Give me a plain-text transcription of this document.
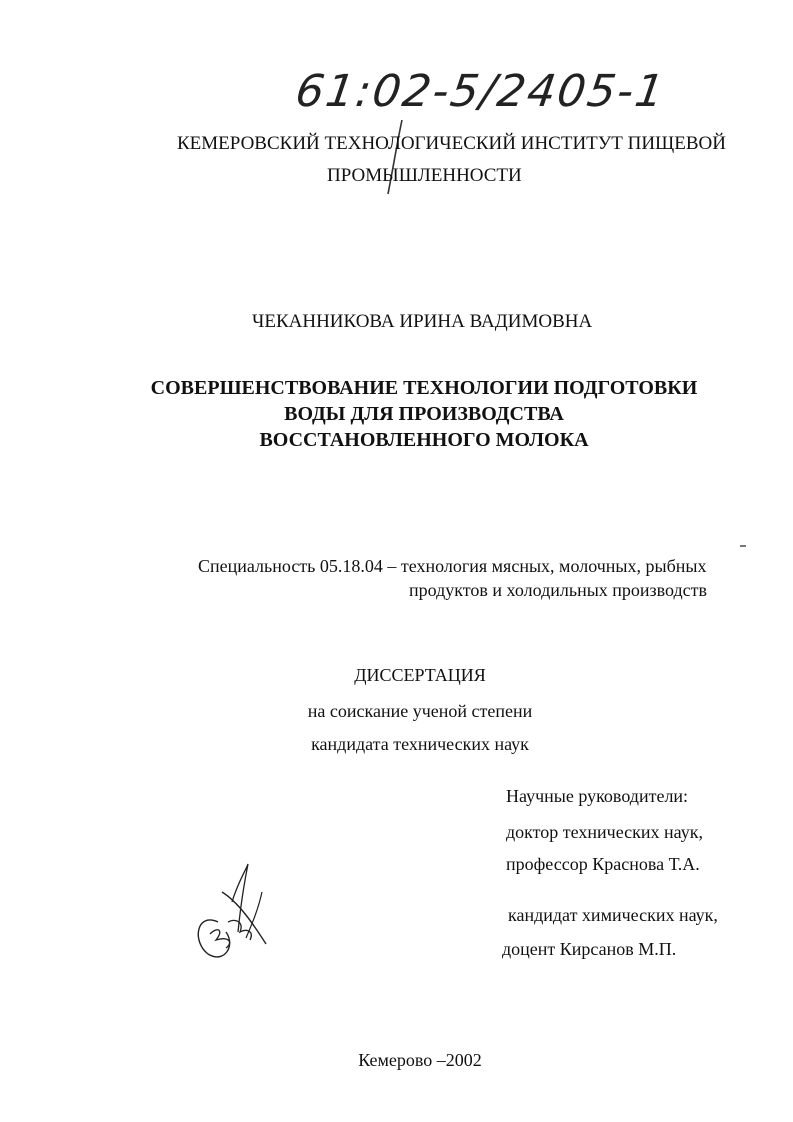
61:02-5/2405-1
КЕМЕРОВСКИЙ ТЕХНОЛОГИЧЕСКИЙ ИНСТИТУТ ПИЩЕВОЙ
ПРОМЫШЛЕННОСТИ
ЧЕКАННИКОВА ИРИНА ВАДИМОВНА
СОВЕРШЕНСТВОВАНИЕ ТЕХНОЛОГИИ ПОДГОТОВКИ
ВОДЫ ДЛЯ ПРОИЗВОДСТВА
ВОССТАНОВЛЕННОГО МОЛОКА
Специальность 05.18.04 – технология мясных, молочных, рыбных
продуктов и холодильных производств
ДИССЕРТАЦИЯ
на соискание ученой степени
кандидата технических наук
Научные руководители:
доктор технических наук,
профессор Краснова Т.А.
кандидат химических наук,
доцент Кирсанов М.П.
Кемерово –2002
